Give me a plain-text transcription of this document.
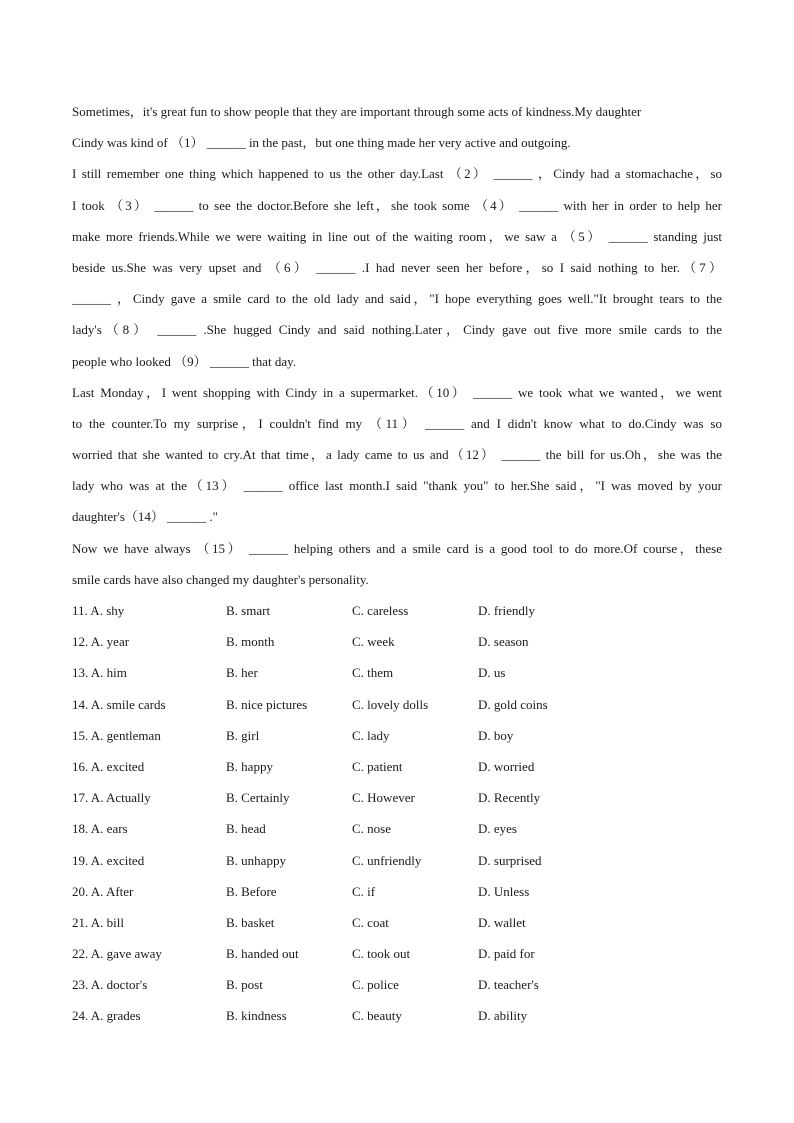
Sometimes，it's great fun to show people that they are important through some acts of kindness.My daughter
Cindy was kind of （1） ______ in the past，but one thing made her very active and outgoing.
I still remember one thing which happened to us the other day.Last （2） ______ ，Cindy had a stomachache，so
I took （3） ______ to see the doctor.Before she left，she took some （4） ______ with her in order to help her
make more friends.While we were waiting in line out of the waiting room，we saw a （5） ______ standing just
beside us.She was very upset and （6） ______ .I had never seen her before，so I said nothing to her.（7）
______ ，Cindy gave a smile card to the old lady and said，"I hope everything goes well."It brought tears to the
lady's（8） ______ .She hugged Cindy and said nothing.Later，Cindy gave out five more smile cards to the
people who looked （9） ______ that day.
Last Monday，I went shopping with Cindy in a supermarket.（10） ______ we took what we wanted，we went
to the counter.To my surprise，I couldn't find my （11） ______ and I didn't know what to do.Cindy was so
worried that she wanted to cry.At that time，a lady came to us and（12） ______ the bill for us.Oh，she was the
lady who was at the（13） ______ office last month.I said "thank you" to her.She said，"I was moved by your
daughter's（14） ______ ."
Now we have always （15） ______ helping others and a smile card is a good tool to do more.Of course，these
smile cards have also changed my daughter's personality.
11. A. shy	B. smart	C. careless	D. friendly
12. A. year	B. month	C. week	D. season
13. A. him	B. her	C. them	D. us
14. A. smile cards	B. nice pictures	C. lovely dolls	D. gold coins
15. A. gentleman	B. girl	C. lady	D. boy
16. A. excited	B. happy	C. patient	D. worried
17. A. Actually	B. Certainly	C. However	D. Recently
18. A. ears	B. head	C. nose	D. eyes
19. A. excited	B. unhappy	C. unfriendly	D. surprised
20. A. After	B. Before	C. if	D. Unless
21. A. bill	B. basket	C. coat	D. wallet
22. A. gave away	B. handed out	C. took out	D. paid for
23. A. doctor's	B. post	C. police	D. teacher's
24. A. grades	B. kindness	C. beauty	D. ability
